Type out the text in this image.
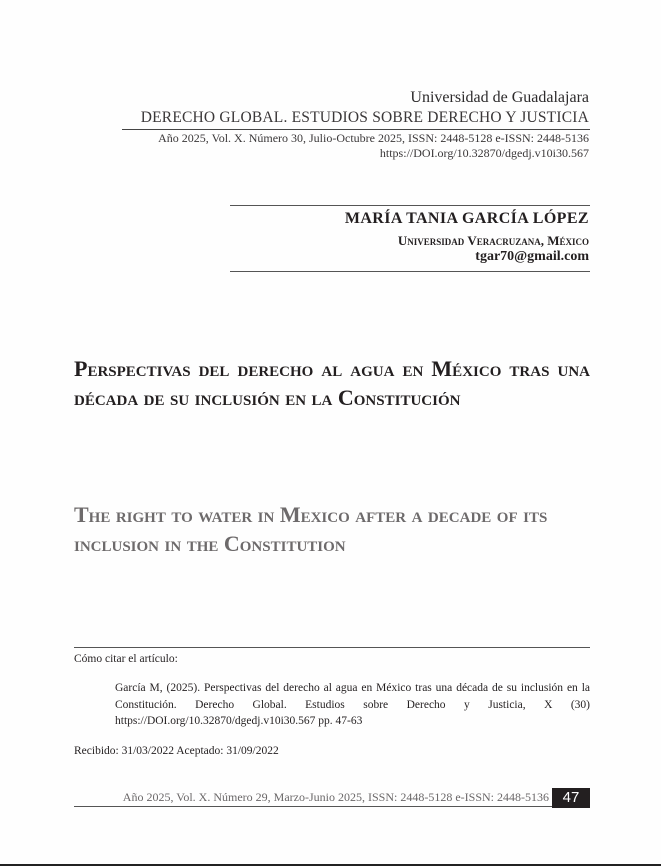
Universidad de Guadalajara
DERECHO GLOBAL. ESTUDIOS SOBRE DERECHO Y JUSTICIA
Año 2025, Vol. X. Número 30, Julio-Octubre 2025, ISSN: 2448-5128 e-ISSN: 2448-5136
https://DOI.org/10.32870/dgedj.v10i30.567
MARÍA TANIA GARCÍA LÓPEZ
Universidad Veracruzana, México
tgar70@gmail.com
Perspectivas del derecho al agua en México tras una década de su inclusión en la Constitución
The right to water in Mexico after a decade of its inclusion in the Constitution
Cómo citar el artículo:
García M, (2025). Perspectivas del derecho al agua en México tras una década de su inclusión en la Constitución. Derecho Global. Estudios sobre Derecho y Justicia, X (30) https://DOI.org/10.32870/dgedj.v10i30.567 pp. 47-63
Recibido: 31/03/2022 Aceptado: 31/09/2022
Año 2025, Vol. X. Número 29, Marzo-Junio 2025, ISSN: 2448-5128 e-ISSN: 2448-5136 47
